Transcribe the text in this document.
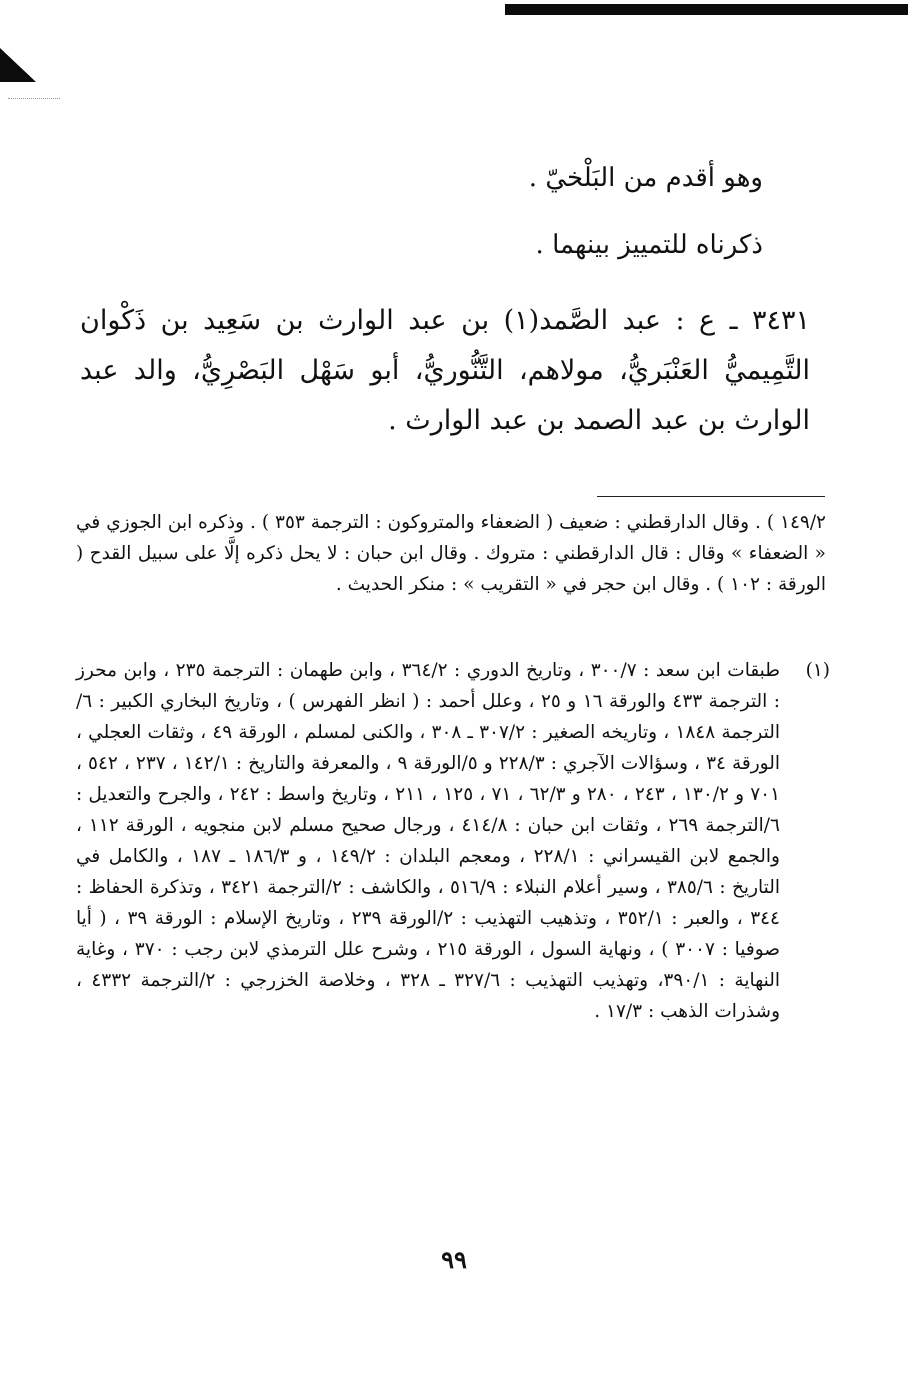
وهو أقدم من البَلْخيّ .
ذكرناه للتمييز بينهما .
٣٤٣١ ـ ع : عبد الصَّمد(١) بن عبد الوارث بن سَعِيد بن ذَكْوان التَّمِيميُّ العَنْبَريُّ، مولاهم، التَّنُّوريُّ، أبو سَهْل البَصْرِيُّ، والد عبد الوارث بن عبد الصمد بن عبد الوارث .
١٤٩/٢ ) . وقال الدارقطني : ضعيف ( الضعفاء والمتروكون : الترجمة ٣٥٣ ) . وذكره ابن الجوزي في « الضعفاء » وقال : قال الدارقطني : متروك . وقال ابن حبان : لا يحل ذكره إلَّا على سبيل القدح ( الورقة : ١٠٢ ) . وقال ابن حجر في « التقريب » : منكر الحديث .
(١)
طبقات ابن سعد : ٣٠٠/٧ ، وتاريخ الدوري : ٣٦٤/٢ ، وابن طهمان : الترجمة ٢٣٥ ، وابن محرز : الترجمة ٤٣٣ والورقة ١٦ و ٢٥ ، وعلل أحمد : ( انظر الفهرس ) ، وتاريخ البخاري الكبير : ٦/الترجمة ١٨٤٨ ، وتاريخه الصغير : ٣٠٧/٢ ـ ٣٠٨ ، والكنى لمسلم ، الورقة ٤٩ ، وثقات العجلي ، الورقة ٣٤ ، وسؤالات الآجري : ٢٢٨/٣ و ٥/الورقة ٩ ، والمعرفة والتاريخ : ١٤٢/١ ، ٢٣٧ ، ٥٤٢ ، ٧٠١ و ١٣٠/٢ ، ٢٤٣ ، ٢٨٠ و ٦٢/٣ ، ٧١ ، ١٢٥ ، ٢١١ ، وتاريخ واسط : ٢٤٢ ، والجرح والتعديل : ٦/الترجمة ٢٦٩ ، وثقات ابن حبان : ٤١٤/٨ ، ورجال صحيح مسلم لابن منجويه ، الورقة ١١٢ ، والجمع لابن القيسراني : ٢٢٨/١ ، ومعجم البلدان : ١٤٩/٢ ، و ١٨٦/٣ ـ ١٨٧ ، والكامل في التاريخ : ٣٨٥/٦ ، وسير أعلام النبلاء : ٥١٦/٩ ، والكاشف : ٢/الترجمة ٣٤٢١ ، وتذكرة الحفاظ : ٣٤٤ ، والعبر : ٣٥٢/١ ، وتذهيب التهذيب : ٢/الورقة ٢٣٩ ، وتاريخ الإسلام : الورقة ٣٩ ، ( أيا صوفيا : ٣٠٠٧ ) ، ونهاية السول ، الورقة ٢١٥ ، وشرح علل الترمذي لابن رجب : ٣٧٠ ، وغاية النهاية : ٣٩٠/١، وتهذيب التهذيب : ٣٢٧/٦ ـ ٣٢٨ ، وخلاصة الخزرجي : ٢/الترجمة ٤٣٣٢ ، وشذرات الذهب : ١٧/٣ .
٩٩
